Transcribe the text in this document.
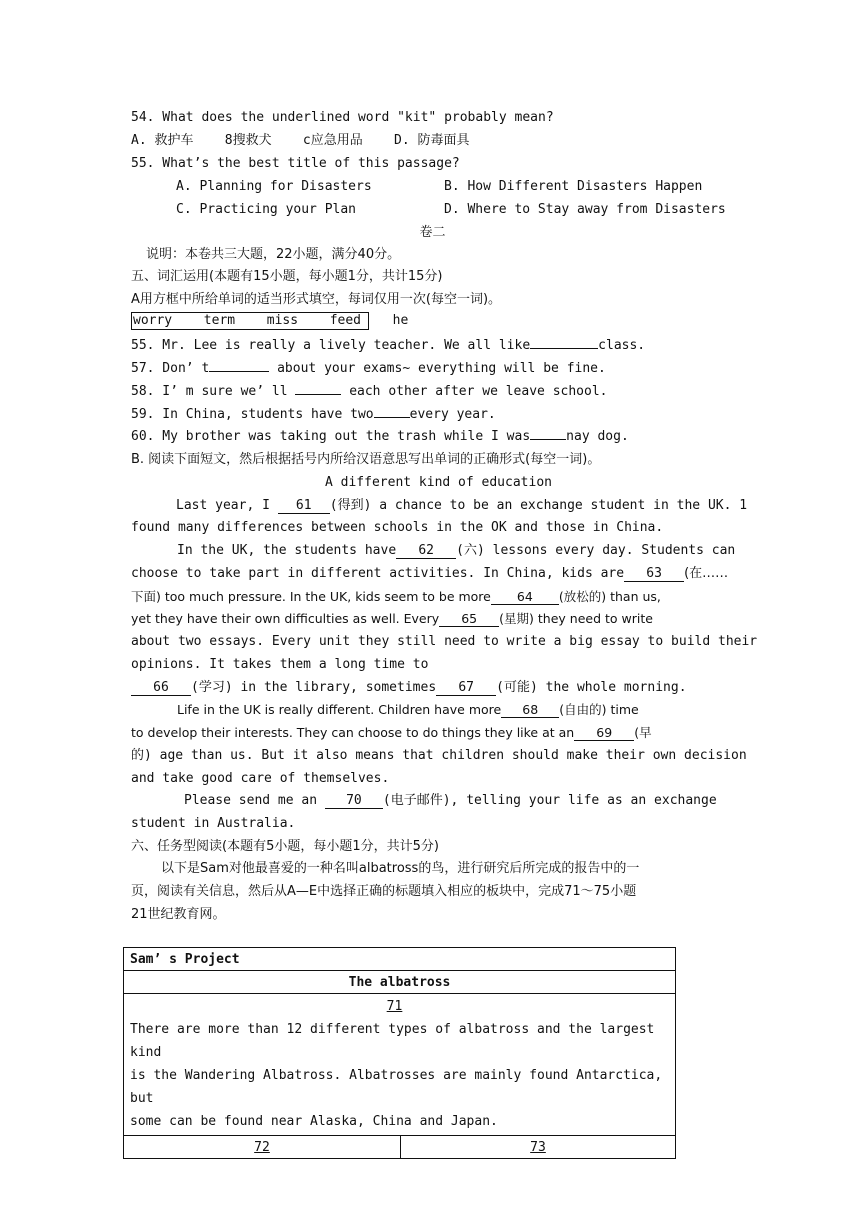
54. What does the underlined word "kit" probably mean?
A. 救护车    8搜救犬    c应急用品    D. 防毒面具
55. What’s the best title of this passage?
A. Planning for Disasters	B. How Different Disasters Happen
C. Practicing your Plan	D. Where to Stay away from Disasters
卷二
说明：本卷共三大题，22小题，满分40分。
五、词汇运用(本题有15小题，每小题1分，共计15分)
A用方框中所给单词的适当形式填空，每词仅用一次(每空一词)。
worry  term  miss  feed  he
55. Mr. Lee is really a lively teacher. We all like	class.
57. Don’ t	about your exams~ everything will be fine.
58. I’ m sure we’ ll	each other after we leave school.
59. In China, students have two	every year.
60. My brother was taking out the trash while I was	nay dog.
B. 阅读下面短文，然后根据括号内所给汉语意思写出单词的正确形式(每空一词)。
A different kind of education
Last year, I 61 (得到) a chance to be an exchange student in the UK. 1
found many differences between schools in the OK and those in China.
In the UK, the students have 62 (六) lessons every day. Students can
choose to take part in different activities. In China, kids are 63 (在……
下面) too much pressure. In the UK, kids seem to be more 64 (放松的) than us,
yet they have their own difficulties as well. Every 65 (星期) they need to write
about two essays. Every unit they still need to write a big essay to build their
opinions. It takes them a long time to
66 (学习) in the library, sometimes 67 (可能) the whole morning.
Life in the UK is really different. Children have more 68 (自由的) time
to develop their interests. They can choose to do things they like at an 69 (早
的) age than us. But it also means that children should make their own decision
and take good care of themselves.
Please send me an 70 (电子邮件), telling your life as an exchange
student in Australia.
六、任务型阅读(本题有5小题，每小题1分，共计5分)
以下是Sam对他最喜爱的一种名叫albatross的鸟，进行研究后所完成的报告中的一
页，阅读有关信息，然后从A—E中选择正确的标题填入相应的板块中，完成71～75小题
21世纪教育网。
Sam’ s Project
The albatross

71
There are more than 12 different types of albatross and the largest kind
is the Wandering Albatross. Albatrosses are mainly found Antarctica, but
some can be found near Alaska, China and Japan.

72	73
